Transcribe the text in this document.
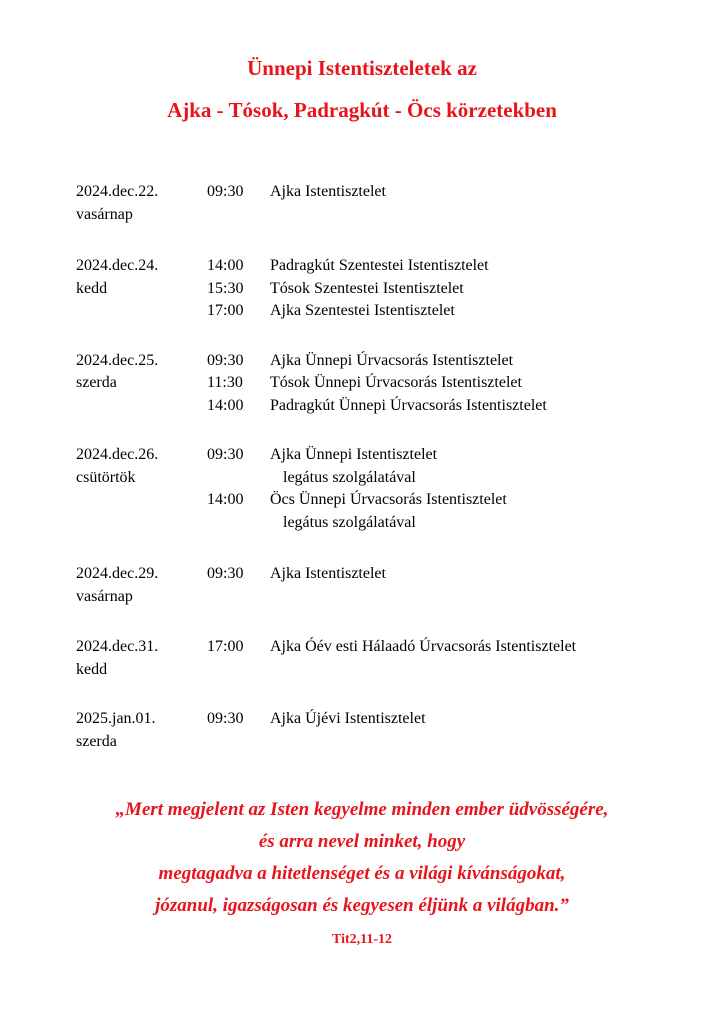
Ünnepi Istentiszteletek az
Ajka - Tósok, Padragkút - Öcs körzetekben
2024.dec.22.
vasárnap
09:30	Ajka Istentisztelet

2024.dec.24.
kedd
14:00	Padragkút Szentestei Istentisztelet
15:30	Tósok Szentestei Istentisztelet
17:00	Ajka Szentestei Istentisztelet
2024.dec.25.
szerda
09:30	Ajka Ünnepi Úrvacsorás Istentisztelet
11:30	Tósok Ünnepi Úrvacsorás Istentisztelet
14:00	Padragkút Ünnepi Úrvacsorás Istentisztelet
2024.dec.26.
csütörtök
09:30	Ajka Ünnepi Istentisztelet
legátus szolgálatával
14:00	Öcs Ünnepi Úrvacsorás Istentisztelet
legátus szolgálatával
2024.dec.29.
vasárnap
09:30	Ajka Istentisztelet

2024.dec.31.
kedd
17:00	Ajka Óév esti Hálaadó Úrvacsorás Istentisztelet

2025.jan.01.
szerda
09:30	Ajka Újévi Istentisztelet

„Mert megjelent az Isten kegyelme minden ember üdvösségére,
és arra nevel minket, hogy
megtagadva a hitetlenséget és a világi kívánságokat,
józanul, igazságosan és kegyesen éljünk a világban.”
Tit2,11-12
